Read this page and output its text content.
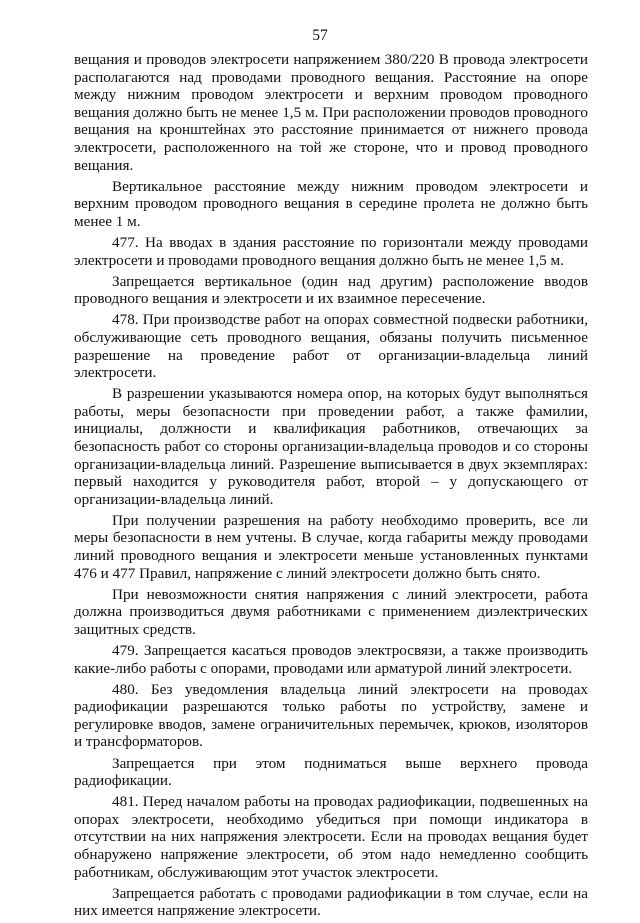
57

вещания и проводов электросети напряжением 380/220 В провода электросети располагаются над проводами проводного вещания. Расстояние на опоре между нижним проводом электросети и верхним проводом проводного вещания должно быть не менее 1,5 м. При расположении проводов проводного вещания на кронштейнах это расстояние принимается от нижнего провода электросети, расположенного на той же стороне, что и провод проводного вещания.

Вертикальное расстояние между нижним проводом электросети и верхним проводом проводного вещания в середине пролета не должно быть менее 1 м.

477. На вводах в здания расстояние по горизонтали между проводами электросети и проводами проводного вещания должно быть не менее 1,5 м.

Запрещается вертикальное (один над другим) расположение вводов проводного вещания и электросети и их взаимное пересечение.

478. При производстве работ на опорах совместной подвески работники, обслуживающие сеть проводного вещания, обязаны получить письменное разрешение на проведение работ от организации-владельца линий электросети.

В разрешении указываются номера опор, на которых будут выполняться работы, меры безопасности при проведении работ, а также фамилии, инициалы, должности и квалификация работников, отвечающих за безопасность работ со стороны организации-владельца проводов и со стороны организации-владельца линий. Разрешение выписывается в двух экземплярах: первый находится у руководителя работ, второй – у допускающего от организации-владельца линий.

При получении разрешения на работу необходимо проверить, все ли меры безопасности в нем учтены. В случае, когда габариты между проводами линий проводного вещания и электросети меньше установленных пунктами 476 и 477 Правил, напряжение с линий электросети должно быть снято.

При невозможности снятия напряжения с линий электросети, работа должна производиться двумя работниками с применением диэлектрических защитных средств.

479. Запрещается касаться проводов электросвязи, а также производить какие-либо работы с опорами, проводами или арматурой линий электросети.

480. Без уведомления владельца линий электросети на проводах радиофикации разрешаются только работы по устройству, замене и регулировке вводов, замене ограничительных перемычек, крюков, изоляторов и трансформаторов.

Запрещается при этом подниматься выше верхнего провода радиофикации.

481. Перед началом работы на проводах радиофикации, подвешенных на опорах электросети, необходимо убедиться при помощи индикатора в отсутствии на них напряжения электросети. Если на проводах вещания будет обнаружено напряжение электросети, об этом надо немедленно сообщить работникам, обслуживающим этот участок электросети.

Запрещается работать с проводами радиофикации в том случае, если на них имеется напряжение электросети.
